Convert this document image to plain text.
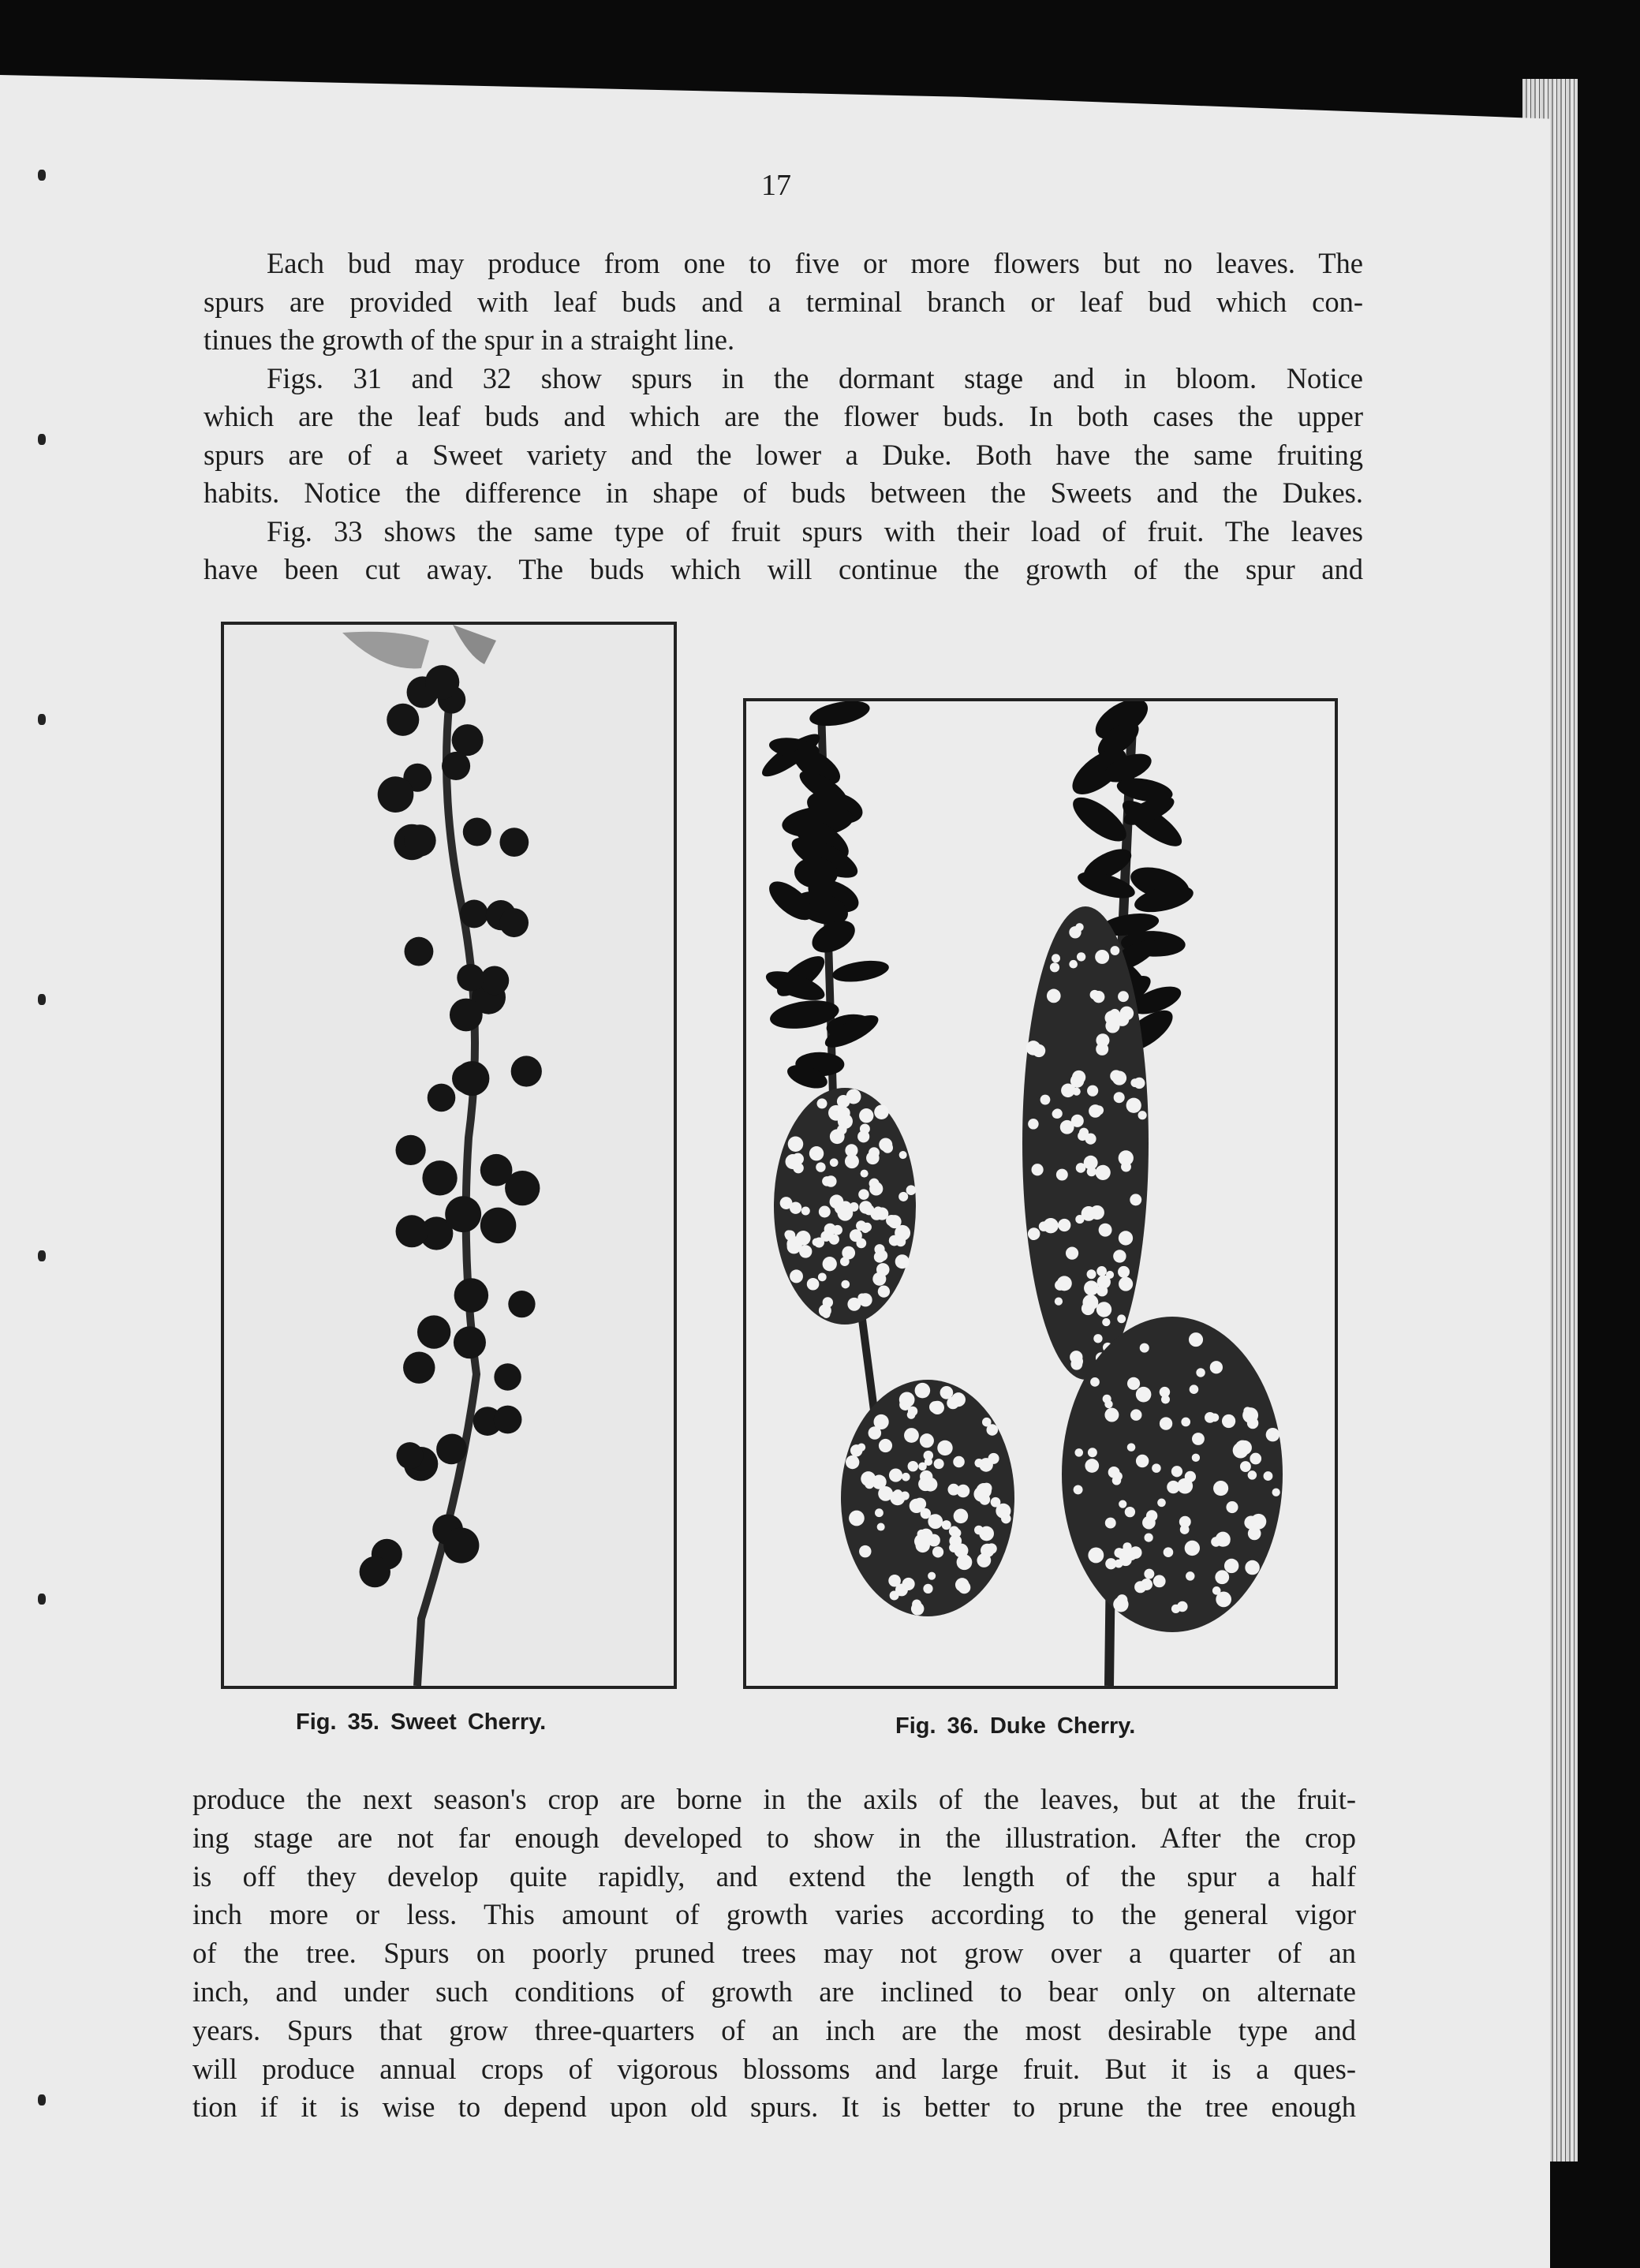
17
Each bud may produce from one to five or more flowers but no leaves. The
spurs are provided with leaf buds and a terminal branch or leaf bud which con-
tinues the growth of the spur in a straight line.
Figs. 31 and 32 show spurs in the dormant stage and in bloom. Notice
which are the leaf buds and which are the flower buds. In both cases the upper
spurs are of a Sweet variety and the lower a Duke. Both have the same fruiting
habits. Notice the difference in shape of buds between the Sweets and the Dukes.
Fig. 33 shows the same type of fruit spurs with their load of fruit. The leaves
have been cut away. The buds which will continue the growth of the spur and
Fig. 35. Sweet Cherry.	Fig. 36. Duke Cherry.
produce the next season's crop are borne in the axils of the leaves, but at the fruit-
ing stage are not far enough developed to show in the illustration. After the crop
is off they develop quite rapidly, and extend the length of the spur a half
inch more or less. This amount of growth varies according to the general vigor
of the tree. Spurs on poorly pruned trees may not grow over a quarter of an
inch, and under such conditions of growth are inclined to bear only on alternate
years. Spurs that grow three-quarters of an inch are the most desirable type and
will produce annual crops of vigorous blossoms and large fruit. But it is a ques-
tion if it is wise to depend upon old spurs. It is better to prune the tree enough
